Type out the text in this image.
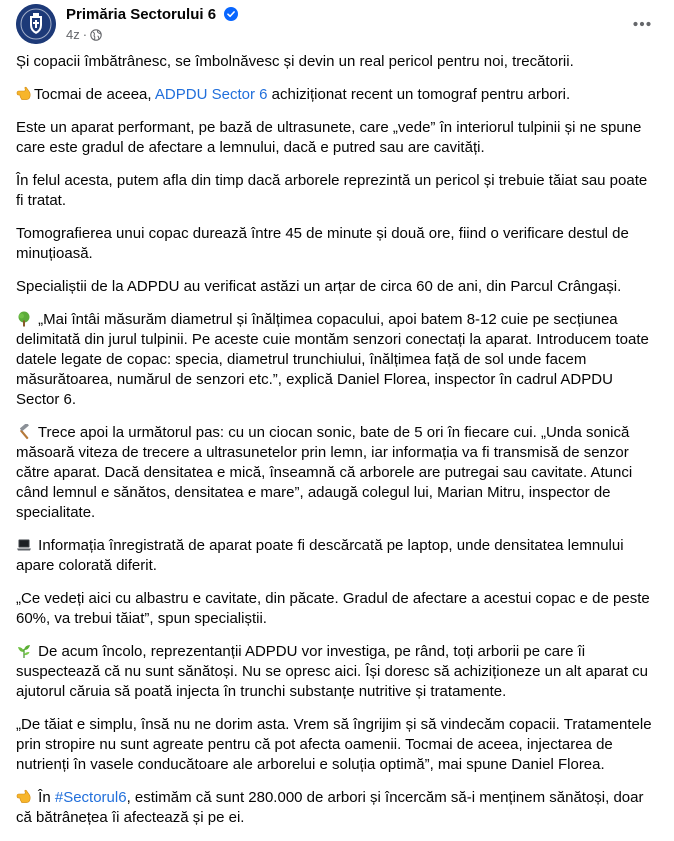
Primăria Sectorului 6
4z ·

Și copacii îmbătrânesc, se îmbolnăvesc și devin un real pericol pentru noi, trecătorii.

Tocmai de aceea, ADPDU Sector 6 achiziționat recent un tomograf pentru arbori.

Este un aparat performant, pe bază de ultrasunete, care „vede” în interiorul tulpinii și ne spune care este gradul de afectare a lemnului, dacă e putred sau are cavități.

În felul acesta, putem afla din timp dacă arborele reprezintă un pericol și trebuie tăiat sau poate fi tratat.

Tomografierea unui copac durează între 45 de minute și două ore, fiind o verificare destul de minuțioasă.

Specialiștii de la ADPDU au verificat astăzi un arțar de circa 60 de ani, din Parcul Crângași.

„Mai întâi măsurăm diametrul și înălțimea copacului, apoi batem 8-12 cuie pe secțiunea delimitată din jurul tulpinii. Pe aceste cuie montăm senzori conectați la aparat. Introducem toate datele legate de copac: specia, diametrul trunchiului, înălțimea față de sol unde facem măsurătoarea, numărul de senzori etc.”, explică Daniel Florea, inspector în cadrul ADPDU Sector 6.

Trece apoi la următorul pas: cu un ciocan sonic, bate de 5 ori în fiecare cui. „Unda sonică măsoară viteza de trecere a ultrasunetelor prin lemn, iar informația va fi transmisă de senzor către aparat. Dacă densitatea e mică, înseamnă că arborele are putregai sau cavitate. Atunci când lemnul e sănătos, densitatea e mare”, adaugă colegul lui, Marian Mitru, inspector de specialitate.

Informația înregistrată de aparat poate fi descărcată pe laptop, unde densitatea lemnului apare colorată diferit.

„Ce vedeți aici cu albastru e cavitate, din păcate. Gradul de afectare a acestui copac e de peste 60%, va trebui tăiat”, spun specialiștii.

De acum încolo, reprezentanții ADPDU vor investiga, pe rând, toți arborii pe care îi suspectează că nu sunt sănătoși. Nu se opresc aici. Își doresc să achiziționeze un alt aparat cu ajutorul căruia să poată injecta în trunchi substanțe nutritive și tratamente.

„De tăiat e simplu, însă nu ne dorim asta. Vrem să îngrijim și să vindecăm copacii. Tratamentele prin stropire nu sunt agreate pentru că pot afecta oamenii. Tocmai de aceea, injectarea de nutrienți în vasele conducătoare ale arborelui e soluția optimă”, mai spune Daniel Florea.

În #Sectorul6, estimăm că sunt 280.000 de arbori și încercăm să-i menținem sănătoși, doar că bătrânețea îi afectează și pe ei.
